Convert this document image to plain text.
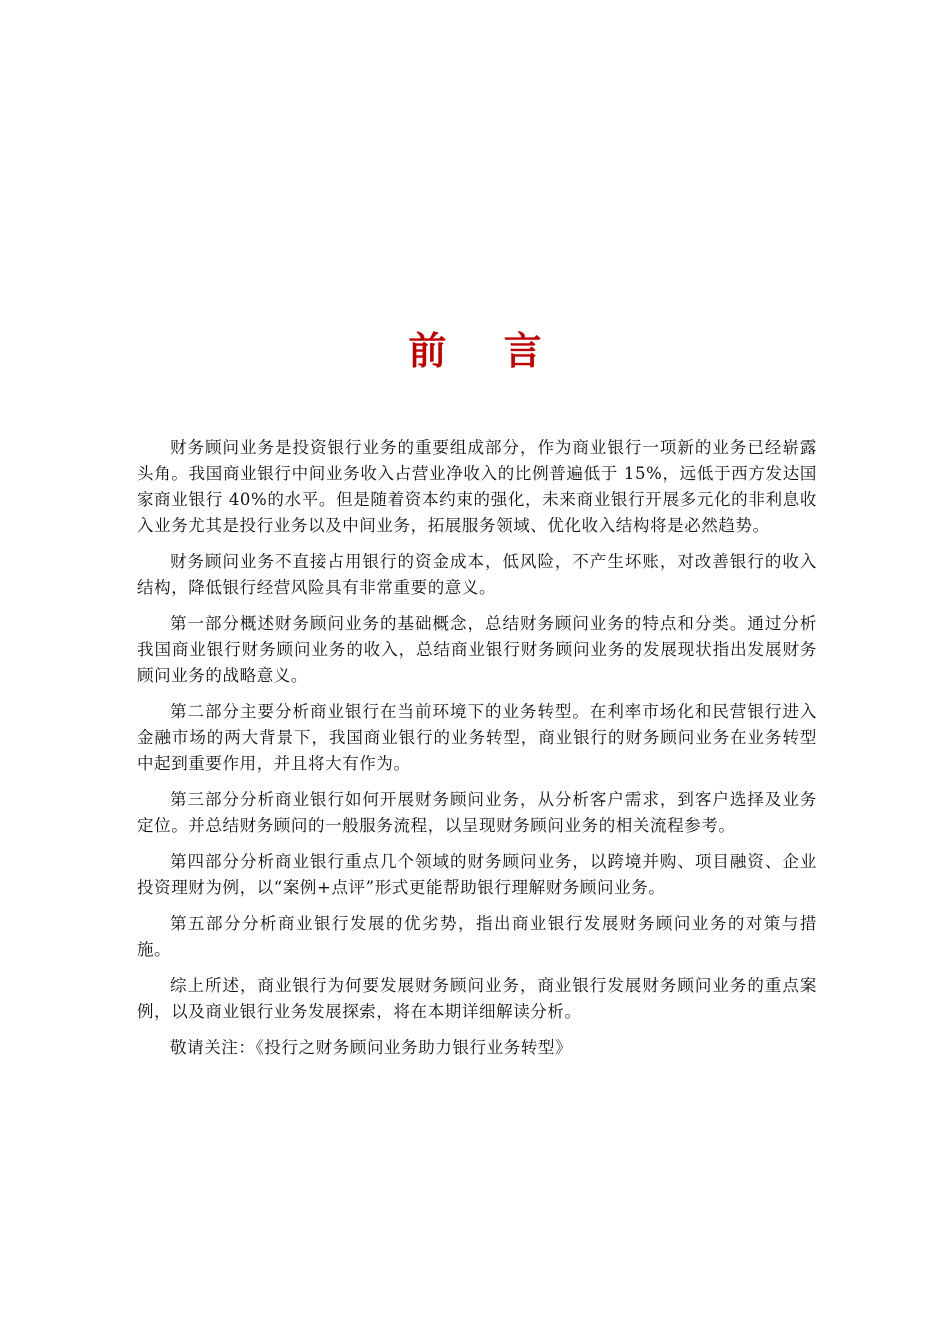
前 言

财务顾问业务是投资银行业务的重要组成部分，作为商业银行一项新的业务已经崭露头角。我国商业银行中间业务收入占营业净收入的比例普遍低于 15%，远低于西方发达国家商业银行 40%的水平。但是随着资本约束的强化，未来商业银行开展多元化的非利息收入业务尤其是投行业务以及中间业务，拓展服务领域、优化收入结构将是必然趋势。

财务顾问业务不直接占用银行的资金成本，低风险，不产生坏账，对改善银行的收入结构，降低银行经营风险具有非常重要的意义。

第一部分概述财务顾问业务的基础概念，总结财务顾问业务的特点和分类。通过分析我国商业银行财务顾问业务的收入，总结商业银行财务顾问业务的发展现状指出发展财务顾问业务的战略意义。

第二部分主要分析商业银行在当前环境下的业务转型。在利率市场化和民营银行进入金融市场的两大背景下，我国商业银行的业务转型，商业银行的财务顾问业务在业务转型中起到重要作用，并且将大有作为。

第三部分分析商业银行如何开展财务顾问业务，从分析客户需求，到客户选择及业务定位。并总结财务顾问的一般服务流程，以呈现财务顾问业务的相关流程参考。

第四部分分析商业银行重点几个领域的财务顾问业务，以跨境并购、项目融资、企业投资理财为例，以“案例+点评”形式更能帮助银行理解财务顾问业务。

第五部分分析商业银行发展的优劣势，指出商业银行发展财务顾问业务的对策与措施。

综上所述，商业银行为何要发展财务顾问业务，商业银行发展财务顾问业务的重点案例，以及商业银行业务发展探索，将在本期详细解读分析。

敬请关注：《投行之财务顾问业务助力银行业务转型》
